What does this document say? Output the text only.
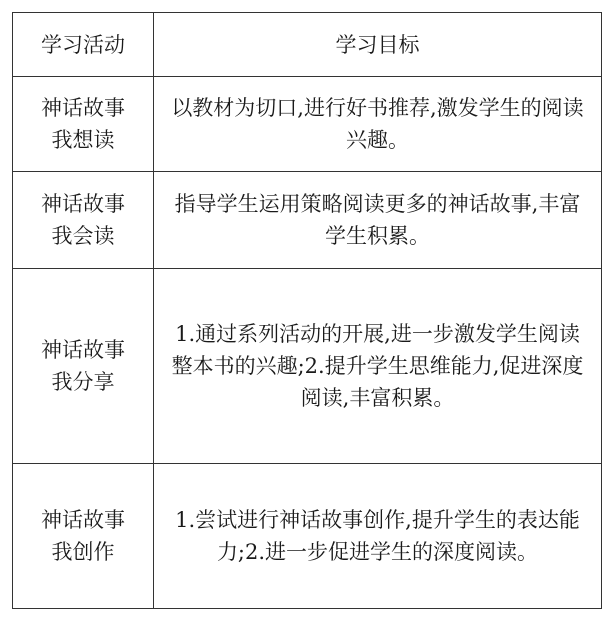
学习活动	学习目标

神话故事
我想读	以教材为切口,进行好书推荐,激发学生的阅读兴趣。

神话故事
我会读	指导学生运用策略阅读更多的神话故事,丰富学生积累。

神话故事
我分享	1.通过系列活动的开展,进一步激发学生阅读整本书的兴趣;2.提升学生思维能力,促进深度阅读,丰富积累。

神话故事
我创作	1.尝试进行神话故事创作,提升学生的表达能力;2.进一步促进学生的深度阅读。
